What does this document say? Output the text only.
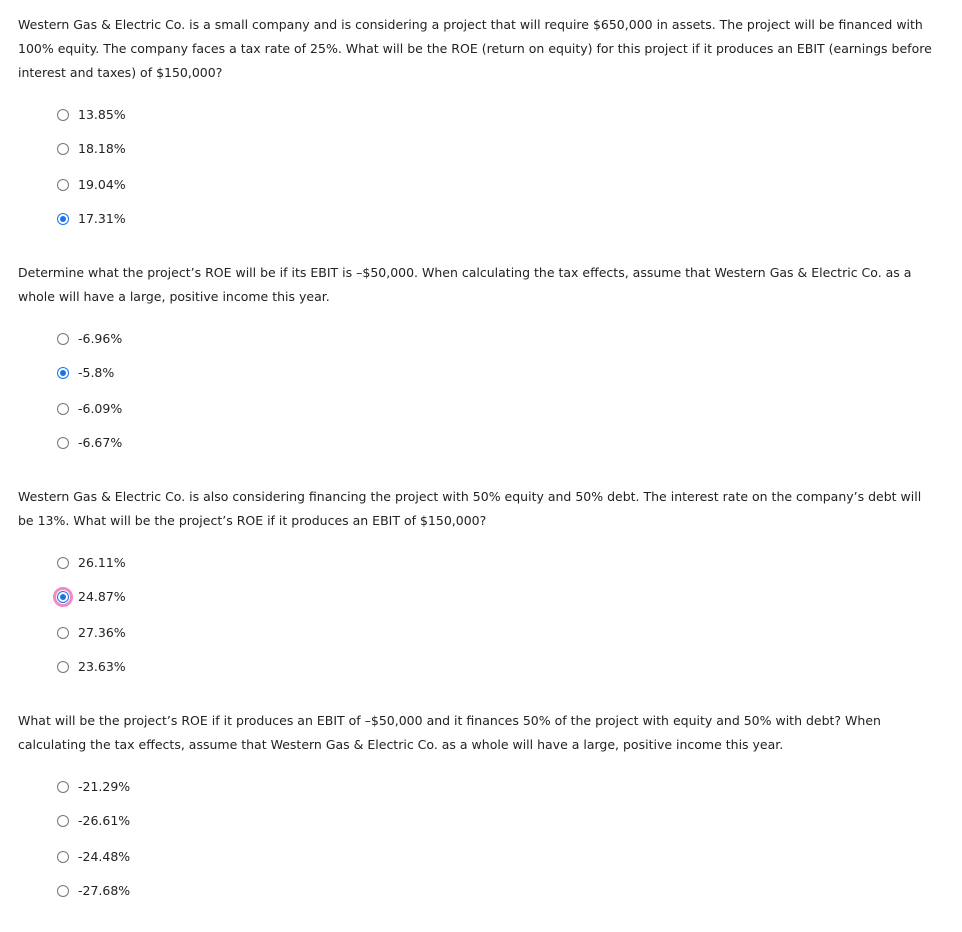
Western Gas & Electric Co. is a small company and is considering a project that will require $650,000 in assets. The project will be financed with 100% equity. The company faces a tax rate of 25%. What will be the ROE (return on equity) for this project if it produces an EBIT (earnings before interest and taxes) of $150,000?

13.85%
18.18%
19.04%
17.31%

Determine what the project’s ROE will be if its EBIT is –$50,000. When calculating the tax effects, assume that Western Gas & Electric Co. as a whole will have a large, positive income this year.

-6.96%
-5.8%
-6.09%
-6.67%

Western Gas & Electric Co. is also considering financing the project with 50% equity and 50% debt. The interest rate on the company’s debt will be 13%. What will be the project’s ROE if it produces an EBIT of $150,000?

26.11%
24.87%
27.36%
23.63%

What will be the project’s ROE if it produces an EBIT of –$50,000 and it finances 50% of the project with equity and 50% with debt? When calculating the tax effects, assume that Western Gas & Electric Co. as a whole will have a large, positive income this year.

-21.29%
-26.61%
-24.48%
-27.68%
